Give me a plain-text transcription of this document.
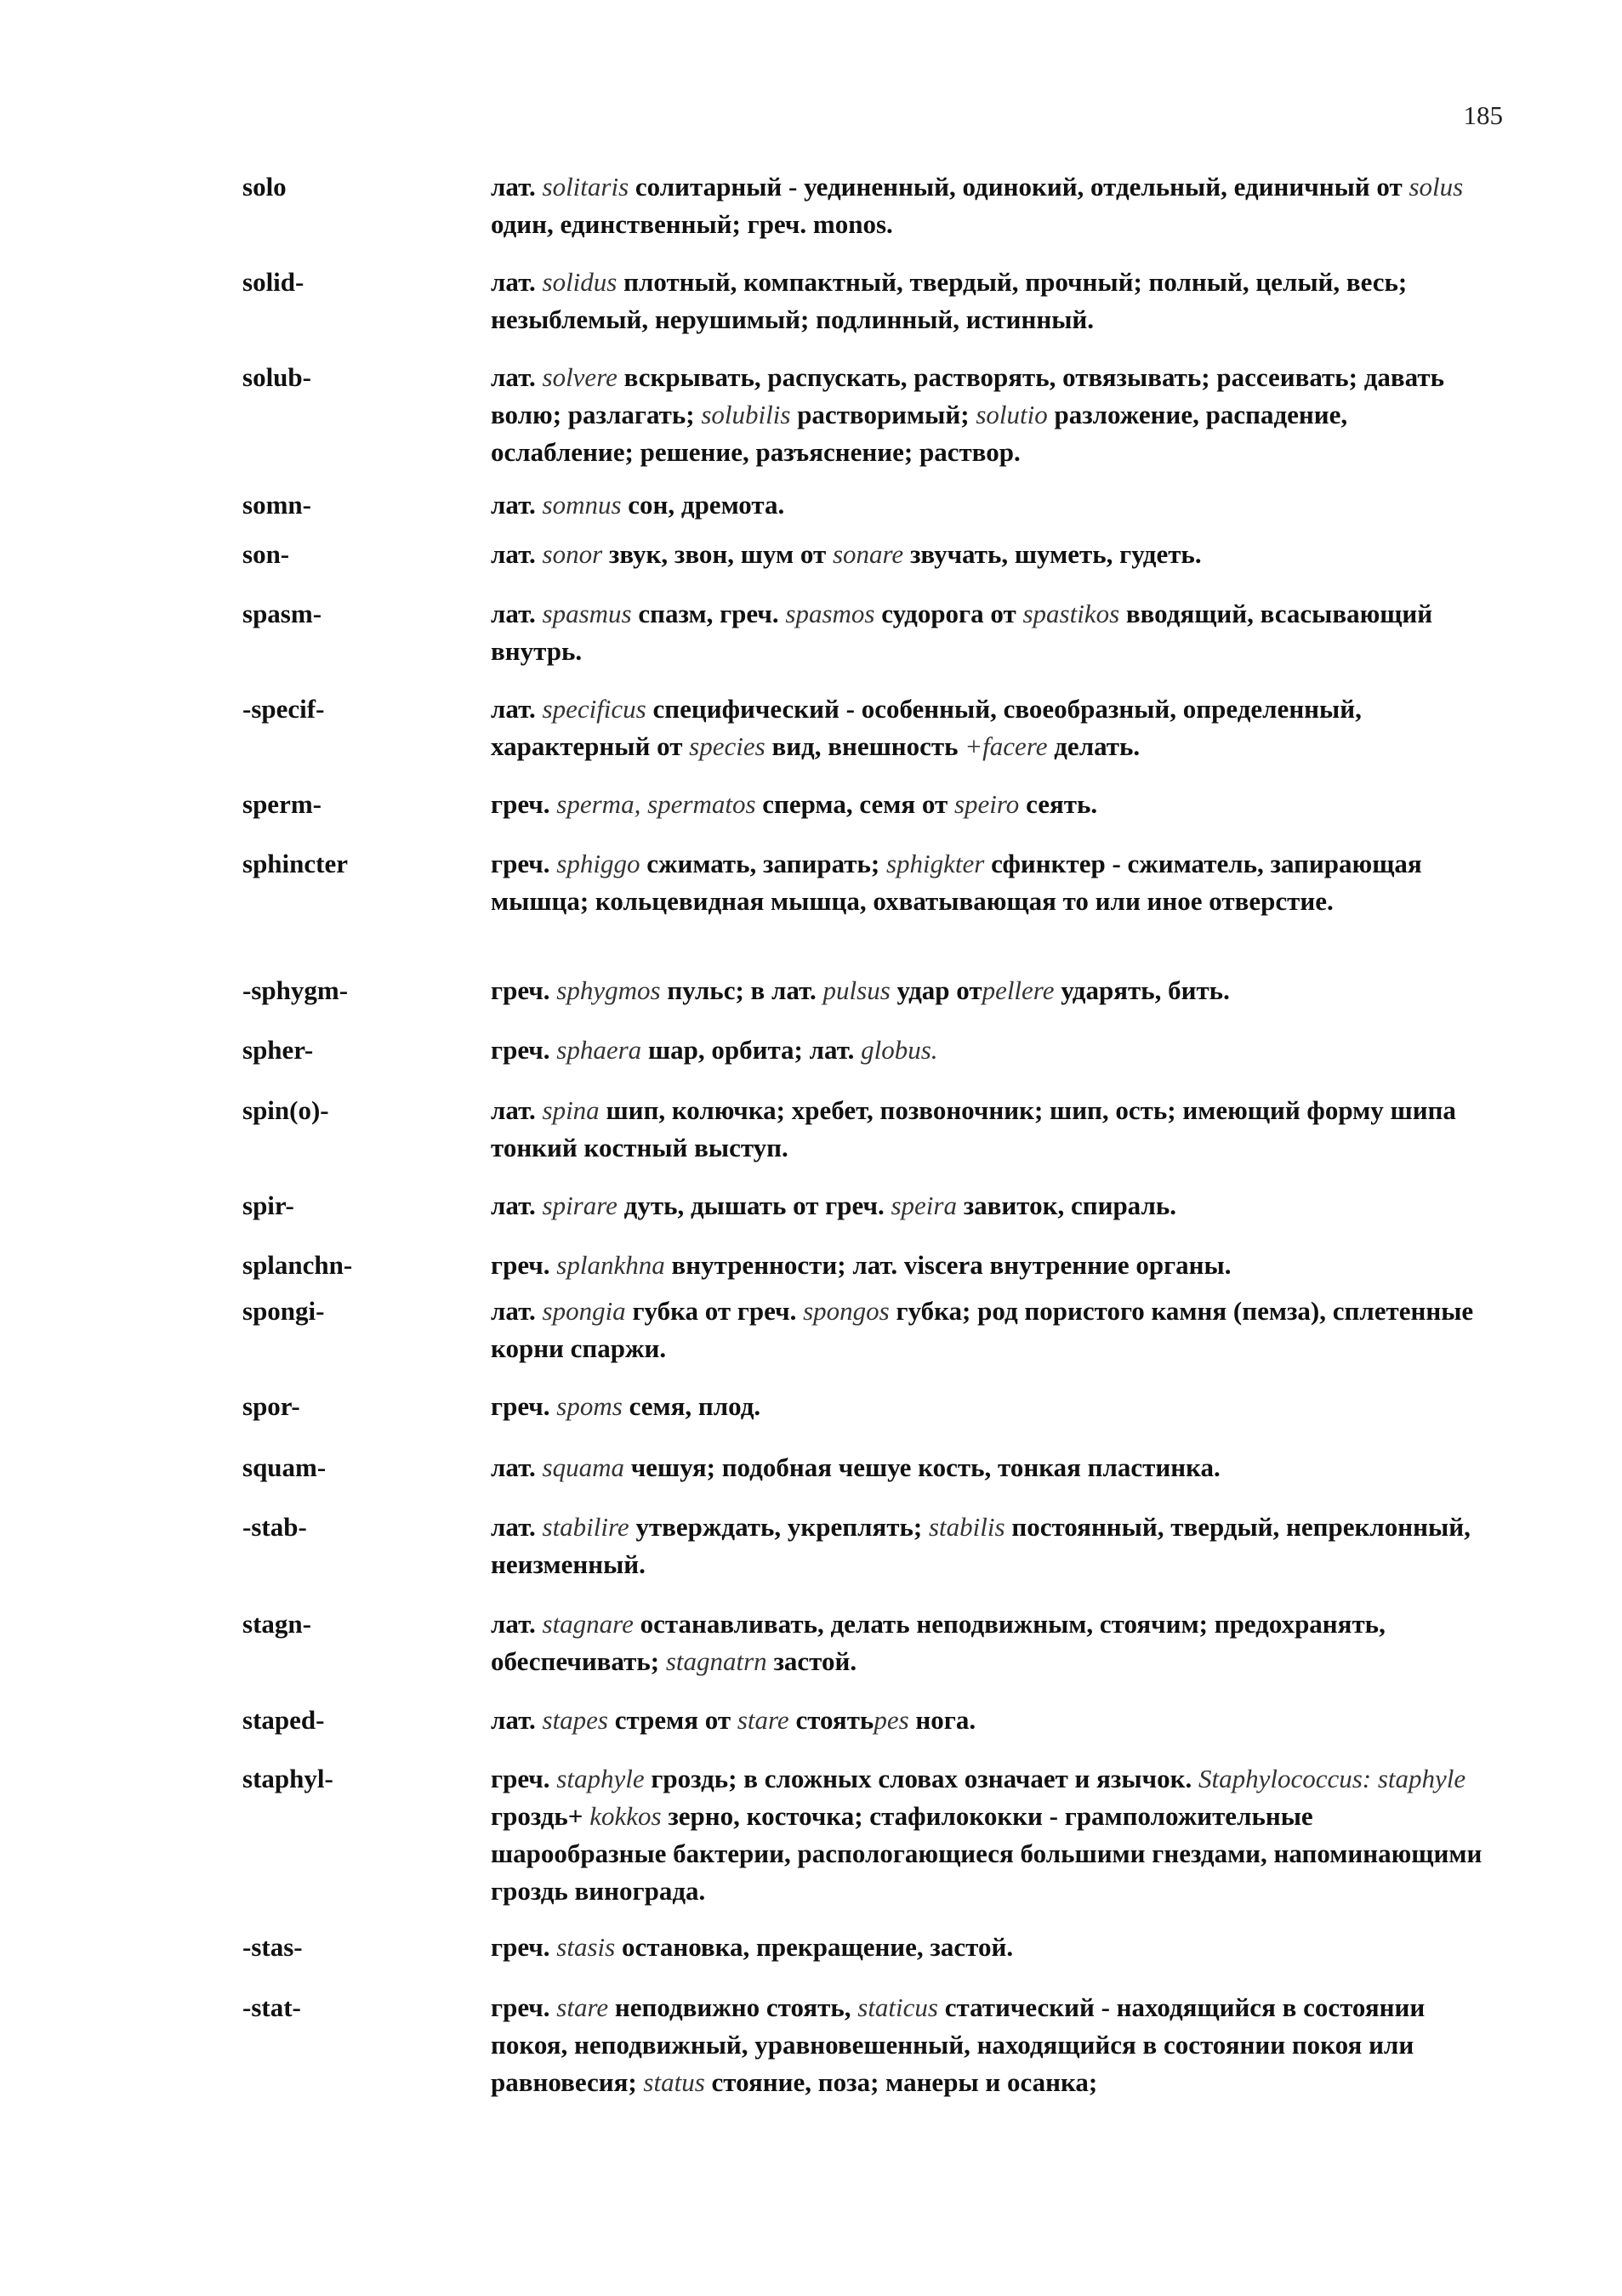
185
solo	лат. solitaris солитарный - уединенный, одинокий, отдельный, единичный от solus один, единственный; греч. monos.
solid-	лат. solidus плотный, компактный, твердый, прочный; полный, целый, весь; незыблемый, нерушимый; подлинный, истинный.
solub-	лат. solvere вскрывать, распускать, растворять, отвязывать; рассеивать; давать волю; разлагать; solubilis растворимый; solutio разложение, распадение, ослабление; решение, разъяснение; раствор.
somn-	лат. somnus сон, дремота.
son-	лат. sonor звук, звон, шум от sonare звучать, шуметь, гудеть.
spasm-	лат. spasmus спазм, греч. spasmos судорога от spastikos вводящий, всасывающий внутрь.
-specif-	лат. specificus специфический - особенный, своеобразный, определенный, характерный от species вид, внешность +facere делать.
sperm-	греч. sperma, spermatos сперма, семя от speiro сеять.
sphincter	греч. sphiggo сжимать, запирать; sphigkter сфинктер - сжиматель, запирающая мышца; кольцевидная мышца, охватывающая то или иное отверстие.
-sphygm-	греч. sphygmos пульс; в лат. pulsus удар отpellere ударять, бить.
spher-	греч. sphaera шар, орбита; лат. globus.
spin(o)-	лат. spina шип, колючка; хребет, позвоночник; шип, ость; имеющий форму шипа тонкий костный выступ.
spir-	лат. spirare дуть, дышать от греч. speira завиток, спираль.
splanchn-	греч. splankhna внутренности; лат. viscera внутренние органы.
spongi-	лат. spongia губка от греч. spongos губка; род пористого камня (пемза), сплетенные корни спаржи.
spor-	греч. spoms семя, плод.
squam-	лат. squama чешуя; подобная чешуе кость, тонкая пластинка.
-stab-	лат. stabilire утверждать, укреплять; stabilis постоянный, твердый, непреклонный, неизменный.
stagn-	лат. stagnare останавливать, делать неподвижным, стоячим; предохранять, обеспечивать; stagnatrn застой.
staped-	лат. stapes стремя от stare стоятьpes нога.
staphyl-	греч. staphyle гроздь; в сложных словах означает и язычок. Staphylococcus: staphyle гроздь+ kokkos зерно, косточка; стафилококки - грамположительные шарообразные бактерии, распологающиеся большими гнездами, напоминающими гроздь винограда.
-stas-	греч. stasis остановка, прекращение, застой.
-stat-	греч. stare неподвижно стоять, staticus статический - находящийся в состоянии покоя, неподвижный, уравновешенный, находящийся в состоянии покоя или равновесия; status стояние, поза; манеры и осанка;
